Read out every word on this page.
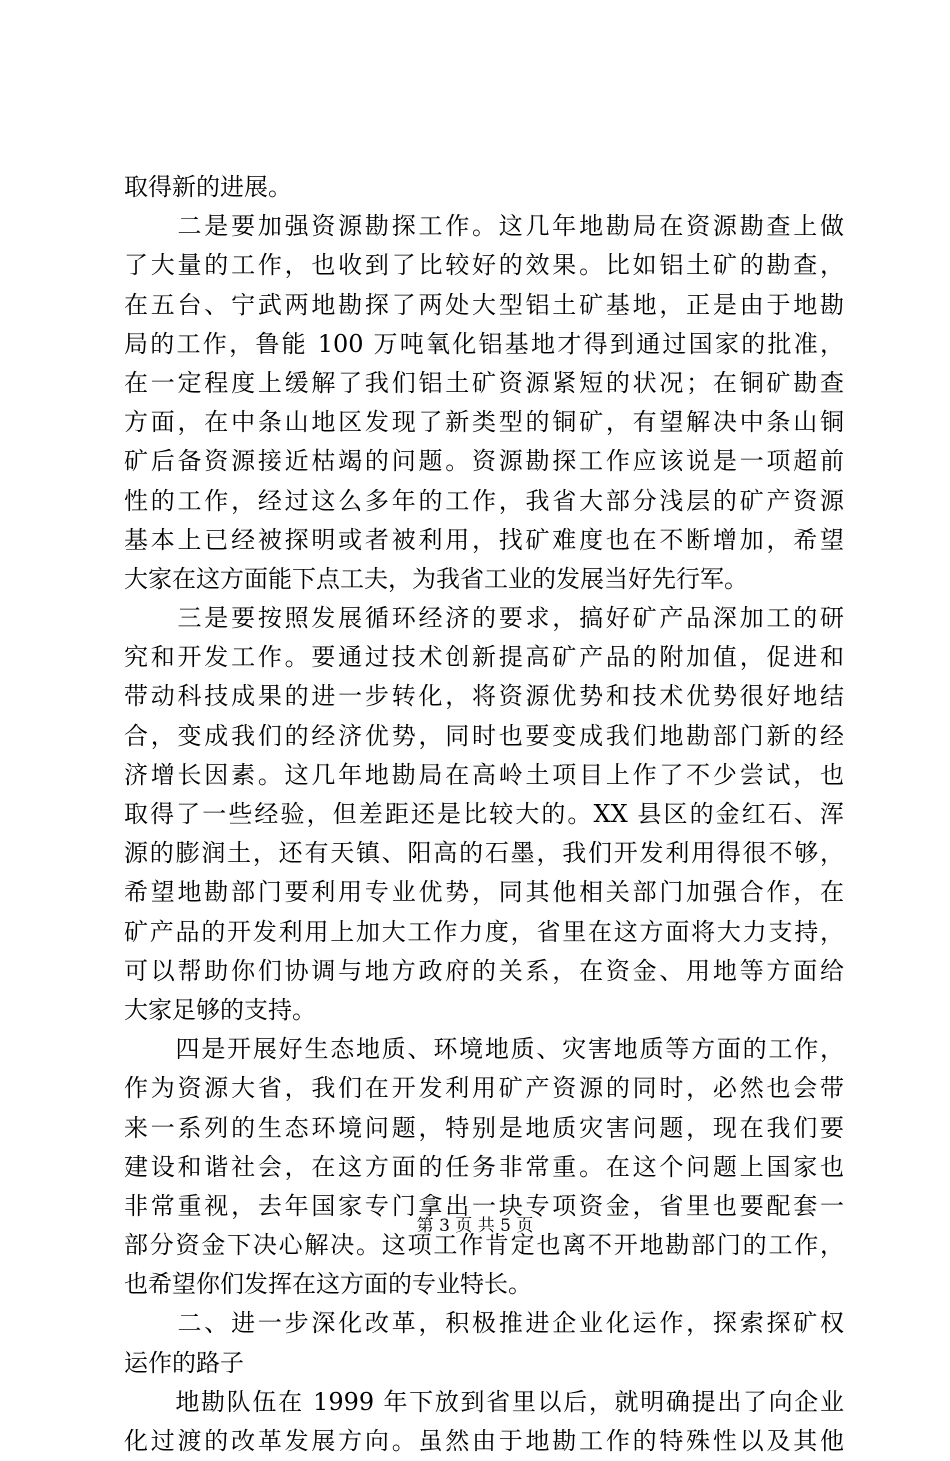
取得新的进展。
　　二是要加强资源勘探工作。这几年地勘局在资源勘查上做
了大量的工作，也收到了比较好的效果。比如铝土矿的勘查，
在五台、宁武两地勘探了两处大型铝土矿基地，正是由于地勘
局的工作，鲁能 100 万吨氧化铝基地才得到通过国家的批准，
在一定程度上缓解了我们铝土矿资源紧短的状况；在铜矿勘查
方面，在中条山地区发现了新类型的铜矿，有望解决中条山铜
矿后备资源接近枯竭的问题。资源勘探工作应该说是一项超前
性的工作，经过这么多年的工作，我省大部分浅层的矿产资源
基本上已经被探明或者被利用，找矿难度也在不断增加，希望
大家在这方面能下点工夫，为我省工业的发展当好先行军。
　　三是要按照发展循环经济的要求，搞好矿产品深加工的研
究和开发工作。要通过技术创新提高矿产品的附加值，促进和
带动科技成果的进一步转化，将资源优势和技术优势很好地结
合，变成我们的经济优势，同时也要变成我们地勘部门新的经
济增长因素。这几年地勘局在高岭土项目上作了不少尝试，也
取得了一些经验，但差距还是比较大的。XX 县区的金红石、浑
源的膨润土，还有天镇、阳高的石墨，我们开发利用得很不够，
希望地勘部门要利用专业优势，同其他相关部门加强合作，在
矿产品的开发利用上加大工作力度，省里在这方面将大力支持，
可以帮助你们协调与地方政府的关系，在资金、用地等方面给
大家足够的支持。
　　四是开展好生态地质、环境地质、灾害地质等方面的工作，
作为资源大省，我们在开发利用矿产资源的同时，必然也会带
来一系列的生态环境问题，特别是地质灾害问题，现在我们要
建设和谐社会，在这方面的任务非常重。在这个问题上国家也
非常重视，去年国家专门拿出一块专项资金，省里也要配套一
部分资金下决心解决。这项工作肯定也离不开地勘部门的工作，
也希望你们发挥在这方面的专业特长。
　　二、进一步深化改革，积极推进企业化运作，探索探矿权
运作的路子
　　地勘队伍在 1999 年下放到省里以后，就明确提出了向企业
化过渡的改革发展方向。虽然由于地勘工作的特殊性以及其他
第 3 页 共 5 页
